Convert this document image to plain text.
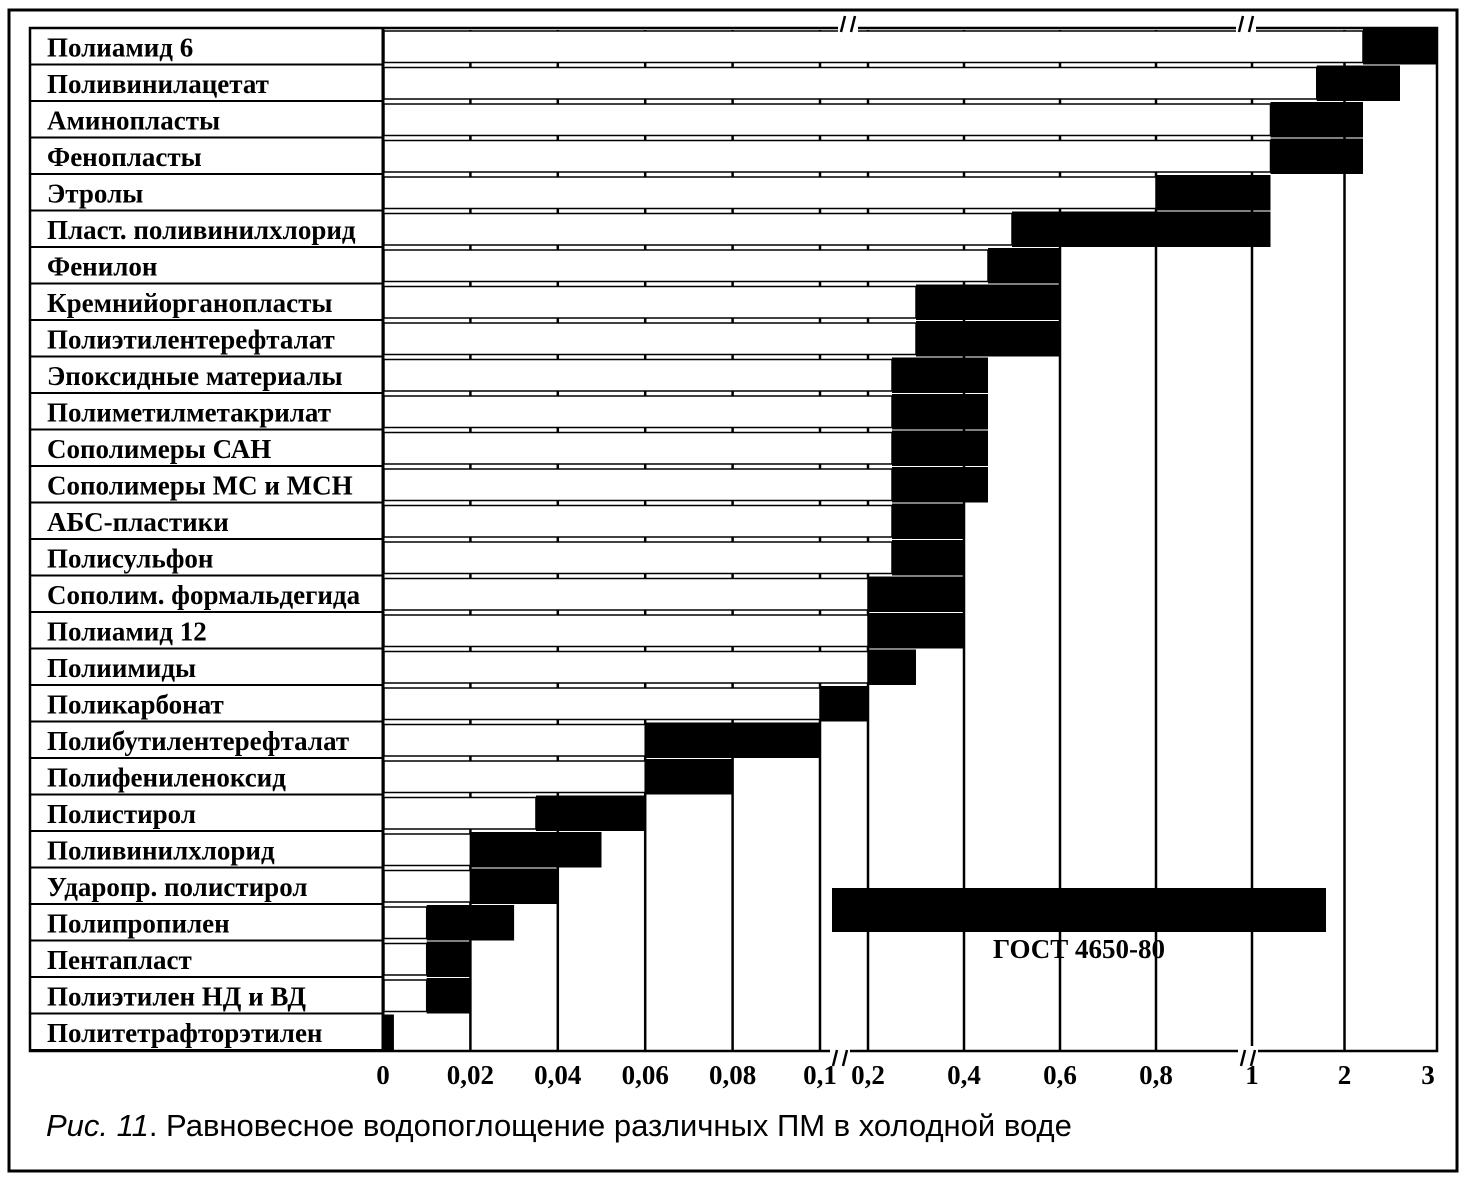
Полиамид 6
Поливинилацетат
Аминопласты
Фенопласты
Этролы
Пласт. поливинилхлорид
Фенилон
Кремнийорганопласты
Полиэтилентерефталат
Эпоксидные материалы
Полиметилметакрилат
Сополимеры САН
Сополимеры МС и МСН
АБС-пластики
Полисульфон
Сополим. формальдегида
Полиамид 12
Полиимиды
Поликарбонат
Полибутилентерефталат
Полифениленоксид
Полистирол
Поливинилхлорид
Ударопр. полистирол
Полипропилен
Пентапласт
Полиэтилен НД и ВД
Политетрафторэтилен
0 0,02 0,04 0,06 0,08 0,1 0,2 0,4 0,6 0,8	1	2	3
Водопоглощение в холодной воде, %
ГОСТ 4650-80
Рис. 11. Равновесное водопоглощение различных ПМ в холодной воде
